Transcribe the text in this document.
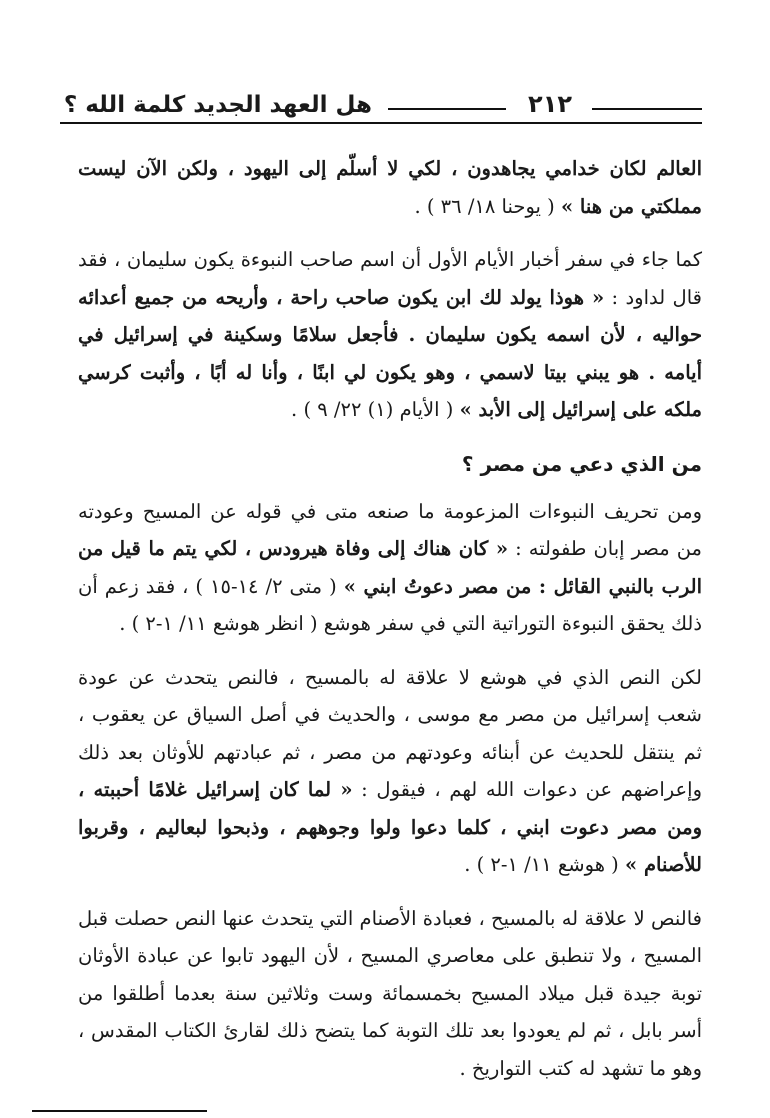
٢١٢
هل العهد الجديد كلمة الله ؟

العالم لكان خدامي يجاهدون ، لكي لا أسلّم إلى اليهود ، ولكن الآن ليست مملكتي من هنا » ( يوحنا ١٨/ ٣٦ ) .

كما جاء في سفر أخبار الأيام الأول أن اسم صاحب النبوءة يكون سليمان ، فقد قال لداود : « هوذا يولد لك ابن يكون صاحب راحة ، وأريحه من جميع أعدائه حواليه ، لأن اسمه يكون سليمان . فأجعل سلامًا وسكينة في إسرائيل في أيامه . هو يبني بيتا لاسمي ، وهو يكون لي ابنًا ، وأنا له أبًا ، وأثبت كرسي ملكه على إسرائيل إلى الأبد » ( الأيام (١) ٢٢/ ٩ ) .

من الذي دعي من مصر ؟

ومن تحريف النبوءات المزعومة ما صنعه متى في قوله عن المسيح وعودته من مصر إبان طفولته : « كان هناك إلى وفاة هيرودس ، لكي يتم ما قيل من الرب بالنبي القائل : من مصر دعوتُ ابني » ( متى ٢/ ١٤-١٥ ) ، فقد زعم أن ذلك يحقق النبوءة التوراتية التي في سفر هوشع ( انظر هوشع ١١/ ١-٢ ) .

لكن النص الذي في هوشع لا علاقة له بالمسيح ، فالنص يتحدث عن عودة شعب إسرائيل من مصر مع موسى ، والحديث في أصل السياق عن يعقوب ، ثم ينتقل للحديث عن أبنائه وعودتهم من مصر ، ثم عبادتهم للأوثان بعد ذلك وإعراضهم عن دعوات الله لهم ، فيقول : « لما كان إسرائيل غلامًا أحببته ، ومن مصر دعوت ابني ، كلما دعوا ولوا وجوههم ، وذبحوا لبعاليم ، وقربوا للأصنام » ( هوشع ١١/ ١-٢ ) .

فالنص لا علاقة له بالمسيح ، فعبادة الأصنام التي يتحدث عنها النص حصلت قبل المسيح ، ولا تنطبق على معاصري المسيح ، لأن اليهود تابوا عن عبادة الأوثان توبة جيدة قبل ميلاد المسيح بخمسمائة وست وثلاثين سنة بعدما أطلقوا من أسر بابل ، ثم لم يعودوا بعد تلك التوبة كما يتضح ذلك لقارئ الكتاب المقدس ، وهو ما تشهد له كتب التواريخ .
